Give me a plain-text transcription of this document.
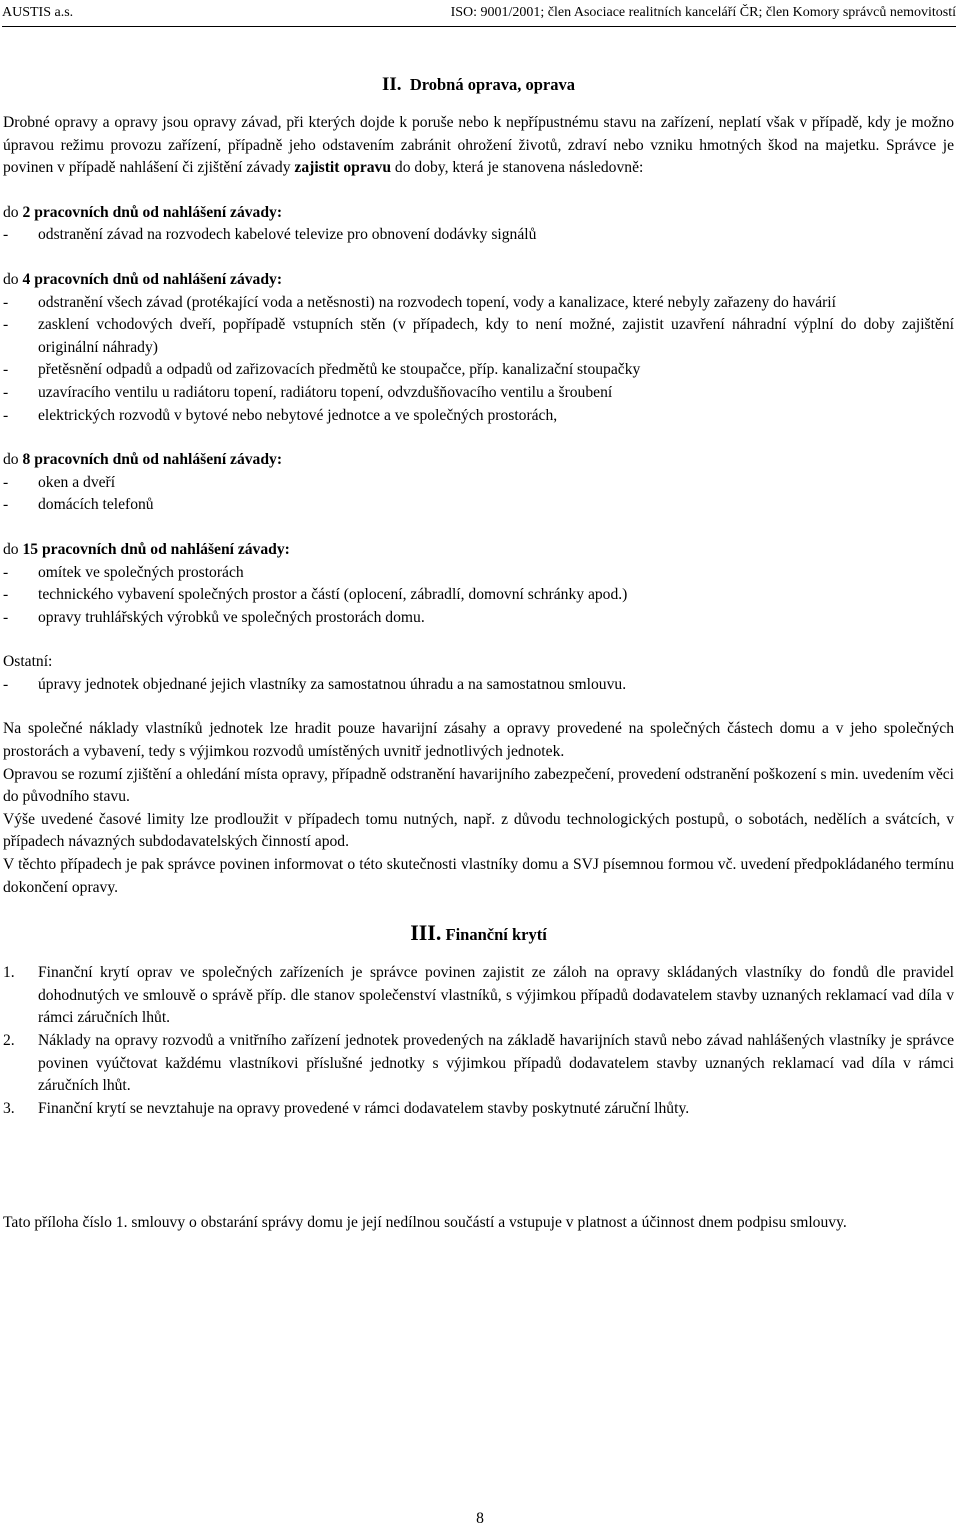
AUSTIS a.s.	ISO: 9001/2001; člen Asociace realitních kanceláří ČR; člen Komory správců nemovitostí
II. Drobná oprava, oprava

Drobné opravy a opravy jsou opravy závad, při kterých dojde k poruše nebo k nepřípustnému stavu na zařízení, neplatí však v případě, kdy je možno úpravou režimu provozu zařízení, případně jeho odstavením zabránit ohrožení životů, zdraví nebo vzniku hmotných škod na majetku. Správce je povinen v případě nahlášení či zjištění závady zajistit opravu do doby, která je stanovena následovně:

do 2 pracovních dnů od nahlášení závady:

- odstranění závad na rozvodech kabelové televize pro obnovení dodávky signálů

do 4 pracovních dnů od nahlášení závady:

- odstranění všech závad (protékající voda a netěsnosti) na rozvodech topení, vody a kanalizace, které nebyly zařazeny do havárií
- zasklení vchodových dveří, popřípadě vstupních stěn (v případech, kdy to není možné, zajistit uzavření náhradní výplní do doby zajištění originální náhrady)
- přetěsnění odpadů a odpadů od zařizovacích předmětů ke stoupačce, příp. kanalizační stoupačky
- uzavíracího ventilu u radiátoru topení, radiátoru topení, odvzdušňovacího ventilu a šroubení
- elektrických rozvodů v bytové nebo nebytové jednotce a ve společných prostorách,

do 8 pracovních dnů od nahlášení závady:

- oken a dveří
- domácích telefonů

do 15 pracovních dnů od nahlášení závady:

- omítek ve společných prostorách
- technického vybavení společných prostor a částí (oplocení, zábradlí, domovní schránky apod.)
- opravy truhlářských výrobků ve společných prostorách domu.

Ostatní:

- úpravy jednotek objednané jejich vlastníky za samostatnou úhradu a na samostatnou smlouvu.

Na společné náklady vlastníků jednotek lze hradit pouze havarijní zásahy a opravy provedené na společných částech domu a v jeho společných prostorách a vybavení, tedy s výjimkou rozvodů umístěných uvnitř jednotlivých jednotek.

Opravou se rozumí zjištění a ohledání místa opravy, případně odstranění havarijního zabezpečení, provedení odstranění poškození s min. uvedením věci do původního stavu.

Výše uvedené časové limity lze prodloužit v případech tomu nutných, např. z důvodu technologických postupů, o sobotách, nedělích a svátcích, v případech návazných subdodavatelských činností apod.

V těchto případech je pak správce povinen informovat o této skutečnosti vlastníky domu a SVJ písemnou formou vč. uvedení předpokládaného termínu dokončení opravy.

III. Finanční krytí
1. Finanční krytí oprav ve společných zařízeních je správce povinen zajistit ze záloh na opravy skládaných vlastníky do fondů dle pravidel dohodnutých ve smlouvě o správě příp. dle stanov společenství vlastníků, s výjimkou případů dodavatelem stavby uznaných reklamací vad díla v rámci záručních lhůt.
2. Náklady na opravy rozvodů a vnitřního zařízení jednotek provedených na základě havarijních stavů nebo závad nahlášených vlastníky je správce povinen vyúčtovat každému vlastníkovi příslušné jednotky s výjimkou případů dodavatelem stavby uznaných reklamací vad díla v rámci záručních lhůt.
3. Finanční krytí se nevztahuje na opravy provedené v rámci dodavatelem stavby poskytnuté záruční lhůty.

Tato příloha číslo 1. smlouvy o obstarání správy domu je její nedílnou součástí a vstupuje v platnost a účinnost dnem podpisu smlouvy.

8
